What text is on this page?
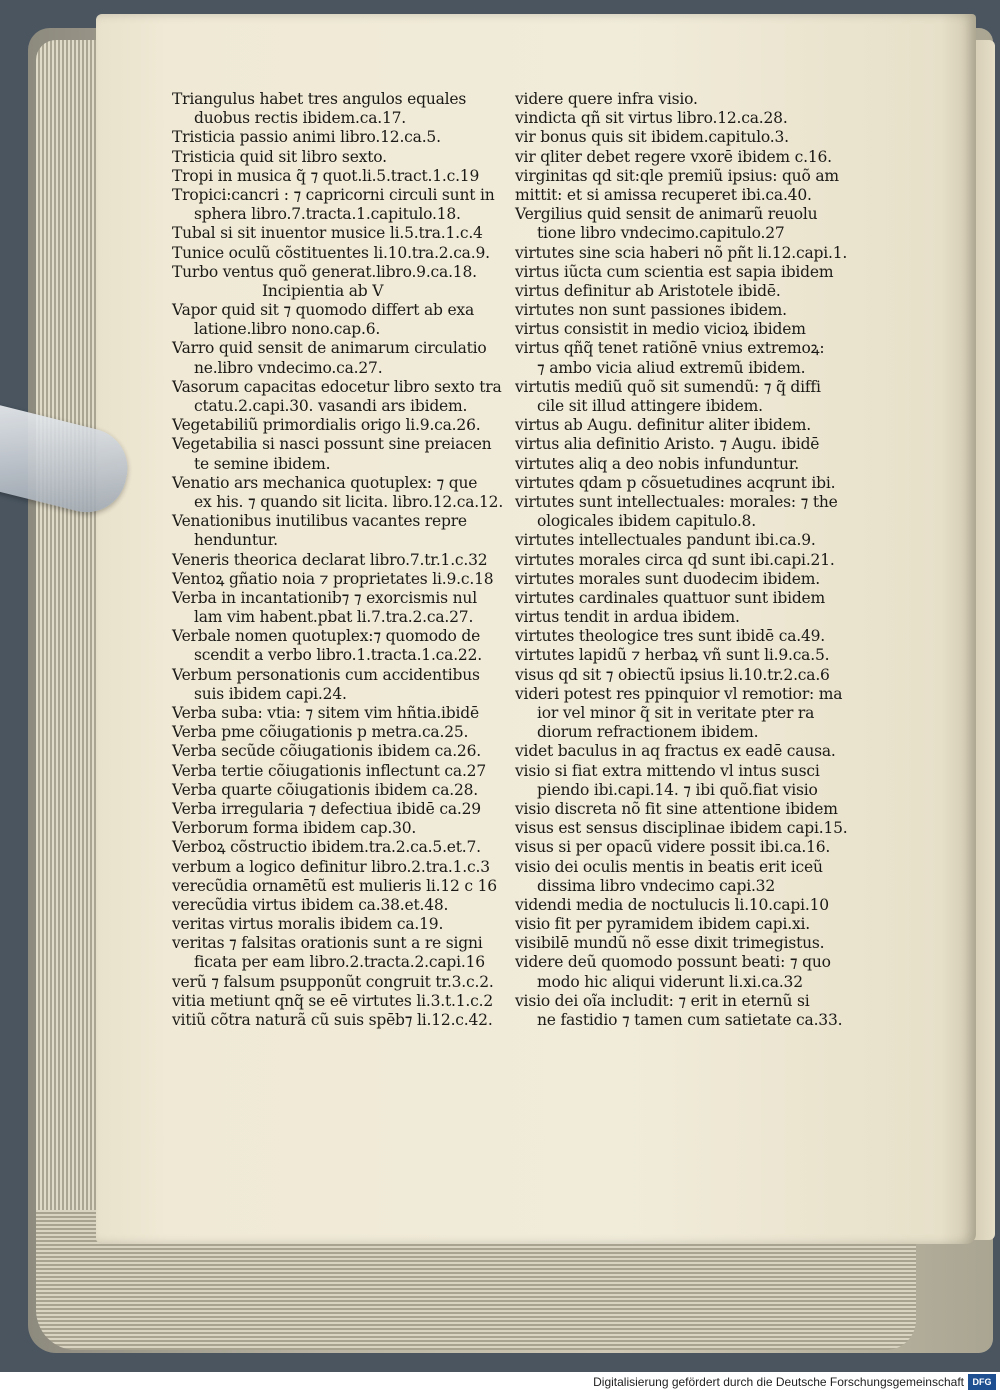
Triangulus habet tres angulos equales
duobus rectis ibidem.ca.17.
Tristicia passio animi libro.12.ca.5.
Tristicia quid sit libro sexto.
Tropi in musica q̃ ⁊ quot.li.5.tract.1.c.19
Tropici:cancri : ⁊ capricorni circuli sunt in
sphera libro.7.tracta.1.capitulo.18.
Tubal si sit inuentor musice li.5.tra.1.c.4
Tunice oculũ cõstituentes li.10.tra.2.ca.9.
Turbo ventus quõ generat.libro.9.ca.18.
Incipientia ab V
Vapor quid sit ⁊ quomodo differt ab exa
latione.libro nono.cap.6.
Varro quid sensit de animarum circulatio
ne.libro vndecimo.ca.27.
Vasorum capacitas edocetur libro sexto tra
ctatu.2.capi.30. vasandi ars ibidem.
Vegetabiliũ primordialis origo li.9.ca.26.
Vegetabilia si nasci possunt sine preiacen
te semine ibidem.
Venatio ars mechanica quotuplex: ⁊ que
ex his. ⁊ quando sit licita. libro.12.ca.12.
Venationibus inutilibus vacantes repre
henduntur.
Veneris theorica declarat libro.7.tr.1.c.32
Ventoꝝ gñatio noia ⁊ proprietates li.9.c.18
Verba in incantationib⁊ ⁊ exorcismis nul
lam vim habent.pbat li.7.tra.2.ca.27.
Verbale nomen quotuplex:⁊ quomodo de
scendit a verbo libro.1.tracta.1.ca.22.
Verbum personationis cum accidentibus
suis ibidem capi.24.
Verba suba: vtia: ⁊ sitem vim hñtia.ibidē
Verba pme cõiugationis p metra.ca.25.
Verba secũde cõiugationis ibidem ca.26.
Verba tertie cõiugationis inflectunt ca.27
Verba quarte cõiugationis ibidem ca.28.
Verba irregularia ⁊ defectiua ibidē ca.29
Verborum forma ibidem cap.30.
Verboꝝ cõstructio ibidem.tra.2.ca.5.et.7.
verbum a logico definitur libro.2.tra.1.c.3
verecũdia ornamētũ est mulieris li.12 c 16
verecũdia virtus ibidem ca.38.et.48.
veritas virtus moralis ibidem ca.19.
veritas ⁊ falsitas orationis sunt a re signi
ficata per eam libro.2.tracta.2.capi.16
verũ ⁊ falsum psupponũt congruit tr.3.c.2.
vitia metiunt qnq̃ se eē virtutes li.3.t.1.c.2
vitiũ cõtra naturã cũ suis spēb⁊ li.12.c.42.
videre quere infra visio.
vindicta qñ sit virtus libro.12.ca.28.
vir bonus quis sit ibidem.capitulo.3.
vir qliter debet regere vxorē ibidem c.16.
virginitas qd sit:qle premiũ ipsius: quõ am
mittit: et si amissa recuperet ibi.ca.40.
Vergilius quid sensit de animarũ reuolu
tione libro vndecimo.capitulo.27
virtutes sine scia haberi nõ pñt li.12.capi.1.
virtus iũcta cum scientia est sapia ibidem
virtus definitur ab Aristotele ibidē.
virtutes non sunt passiones ibidem.
virtus consistit in medio vicioꝝ ibidem
virtus qñq̃ tenet ratiõnē vnius extremoꝝ:
⁊ ambo vicia aliud extremũ ibidem.
virtutis mediũ quõ sit sumendũ: ⁊ q̃ diffi
cile sit illud attingere ibidem.
virtus ab Augu. definitur aliter ibidem.
virtus alia definitio Aristo. ⁊ Augu. ibidē
virtutes aliq a deo nobis infunduntur.
virtutes qdam p cõsuetudines acqrunt ibi.
virtutes sunt intellectuales: morales: ⁊ the
ologicales ibidem capitulo.8.
virtutes intellectuales pandunt ibi.ca.9.
virtutes morales circa qd sunt ibi.capi.21.
virtutes morales sunt duodecim ibidem.
virtutes cardinales quattuor sunt ibidem
virtus tendit in ardua ibidem.
virtutes theologice tres sunt ibidē ca.49.
virtutes lapidũ ⁊ herbaꝝ vñ sunt li.9.ca.5.
visus qd sit ⁊ obiectũ ipsius li.10.tr.2.ca.6
videri potest res ppinquior vl remotior: ma
ior vel minor q̃ sit in veritate pter ra
diorum refractionem ibidem.
videt baculus in aq fractus ex eadē causa.
visio si fiat extra mittendo vl intus susci
piendo ibi.capi.14. ⁊ ibi quõ.fiat visio
visio discreta nõ fit sine attentione ibidem
visus est sensus disciplinae ibidem capi.15.
visus si per opacũ videre possit ibi.ca.16.
visio dei oculis mentis in beatis erit iceũ
dissima libro vndecimo capi.32
videndi media de noctulucis li.10.capi.10
visio fit per pyramidem ibidem capi.xi.
visibilē mundũ nõ esse dixit trimegistus.
videre deũ quomodo possunt beati: ⁊ quo
modo hic aliqui viderunt li.xi.ca.32
visio dei oĩa includit: ⁊ erit in eternũ si
ne fastidio ⁊ tamen cum satietate ca.33.
Digitalisierung gefördert durch die Deutsche Forschungsgemeinschaft DFG
